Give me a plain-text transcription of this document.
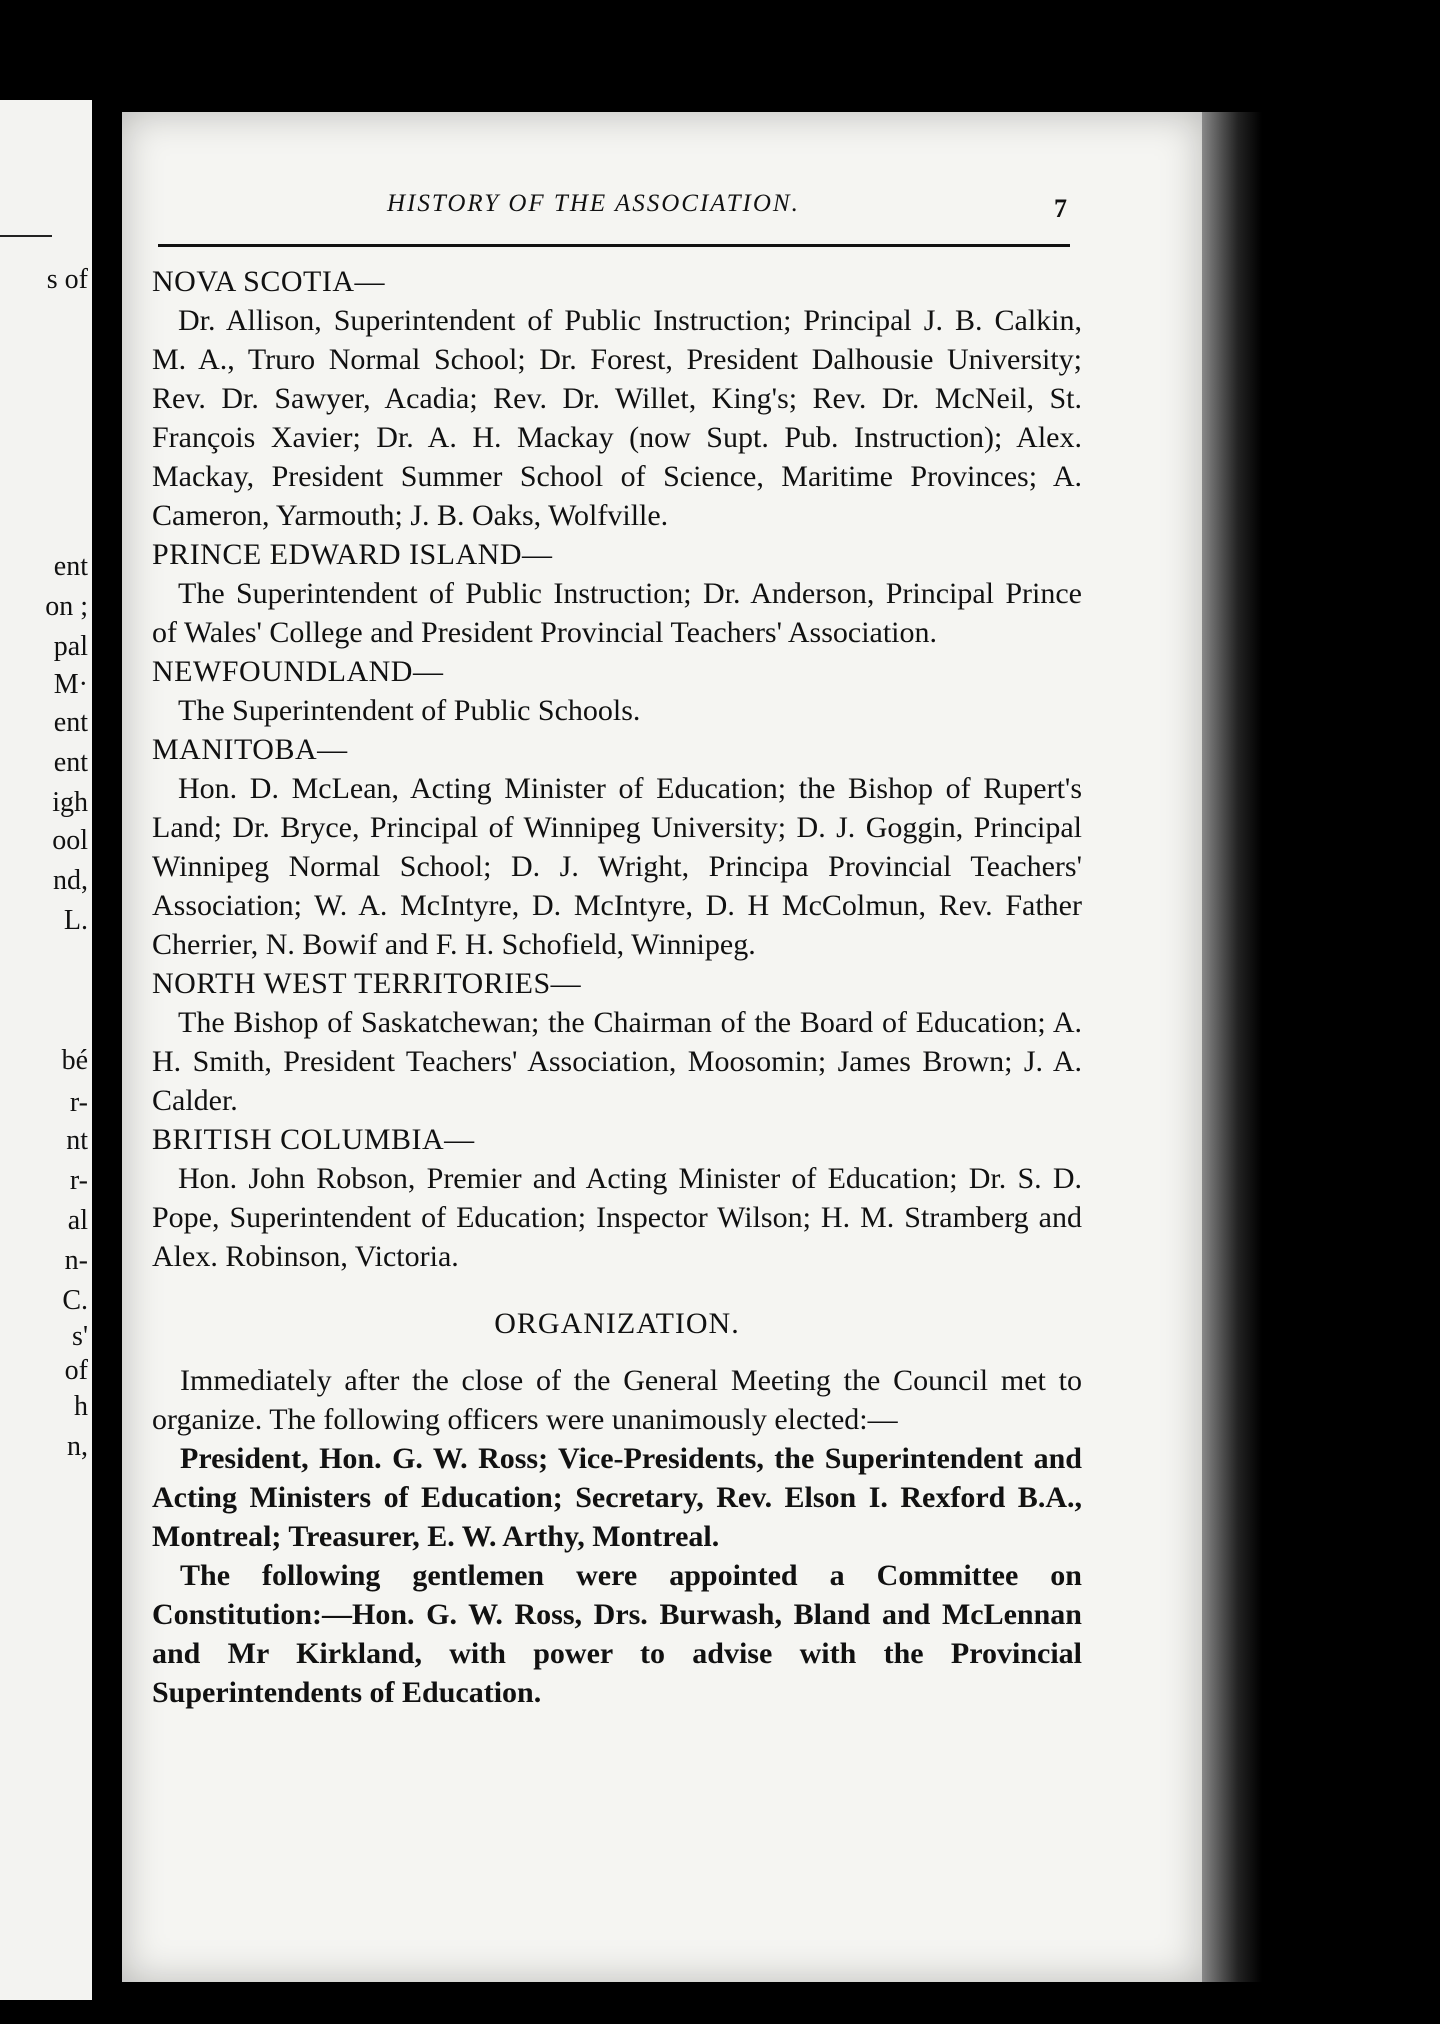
s of
ent
on ;
pal
M·
ent
ent
igh
ool
nd,
L.
bé
r-
nt
r-
al
n-
C.
s'
of
h
n,
HISTORY OF THE ASSOCIATION.	7

NOVA SCOTIA—

Dr. Allison, Superintendent of Public Instruction; Principal J. B. Calkin, M. A., Truro Normal School; Dr. Forest, President Dalhousie University; Rev. Dr. Sawyer, Acadia; Rev. Dr. Willet, King's; Rev. Dr. McNeil, St. François Xavier; Dr. A. H. Mackay (now Supt. Pub. Instruction); Alex. Mackay, President Summer School of Science, Maritime Provinces; A. Cameron, Yarmouth; J. B. Oaks, Wolfville.

PRINCE EDWARD ISLAND—

The Superintendent of Public Instruction; Dr. Anderson, Principal Prince of Wales' College and President Provincial Teachers' Association.

NEWFOUNDLAND—

The Superintendent of Public Schools.

MANITOBA—

Hon. D. McLean, Acting Minister of Education; the Bishop of Rupert's Land; Dr. Bryce, Principal of Winnipeg University; D. J. Goggin, Principal Winnipeg Normal School; D. J. Wright, Principa Provincial Teachers' Association; W. A. McIntyre, D. McIntyre, D. H McColmun, Rev. Father Cherrier, N. Bowif and F. H. Schofield, Winnipeg.

NORTH WEST TERRITORIES—

The Bishop of Saskatchewan; the Chairman of the Board of Education; A. H. Smith, President Teachers' Association, Moosomin; James Brown; J. A. Calder.

BRITISH COLUMBIA—

Hon. John Robson, Premier and Acting Minister of Education; Dr. S. D. Pope, Superintendent of Education; Inspector Wilson; H. M. Stramberg and Alex. Robinson, Victoria.

ORGANIZATION.

Immediately after the close of the General Meeting the Council met to organize. The following officers were unanimously elected:—

President, Hon. G. W. Ross; Vice-Presidents, the Superintendent and Acting Ministers of Education; Secretary, Rev. Elson I. Rexford B.A., Montreal; Treasurer, E. W. Arthy, Montreal.

The following gentlemen were appointed a Committee on Constitution:—Hon. G. W. Ross, Drs. Burwash, Bland and McLennan and Mr Kirkland, with power to advise with the Provincial Superintendents of Education.
